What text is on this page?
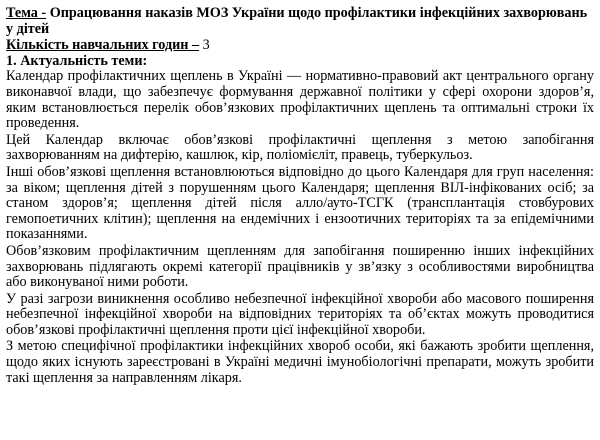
Тема - Опрацювання наказів МОЗ України щодо профілактики інфекційних захворювань у дітей
Кількість навчальних годин – 3
1. Актуальність теми:

Календар профілактичних щеплень в Україні — нормативно-правовий акт центрального органу виконавчої влади, що забезпечує формування державної політики у сфері охорони здоров’я, яким встановлюється перелік обов’язкових профілактичних щеплень та оптимальні строки їх проведення.

Цей Календар включає обов’язкові профілактичні щеплення з метою запобігання захворюванням на дифтерію, кашлюк, кір, поліомієліт, правець, туберкульоз.

Інші обов’язкові щеплення встановлюються відповідно до цього Календаря для груп населення: за віком; щеплення дітей з порушенням цього Календаря; щеплення ВІЛ-інфікованих осіб; за станом здоров’я; щеплення дітей після алло/ауто-ТСГК (трансплантація стовбурових гемопоетичних клітин); щеплення на ендемічних і ензоотичних територіях та за епідемічними показаннями.

Обов’язковим профілактичним щепленням для запобігання поширенню інших інфекційних захворювань підлягають окремі категорії працівників у зв’язку з особливостями виробництва або виконуваної ними роботи.

У разі загрози виникнення особливо небезпечної інфекційної хвороби або масового поширення небезпечної інфекційної хвороби на відповідних територіях та об’єктах можуть проводитися обов’язкові профілактичні щеплення проти цієї інфекційної хвороби.

З метою специфічної профілактики інфекційних хвороб особи, які бажають зробити щеплення, щодо яких існують зареєстровані в Україні медичні імунобіологічні препарати, можуть зробити такі щеплення за направленням лікаря.
